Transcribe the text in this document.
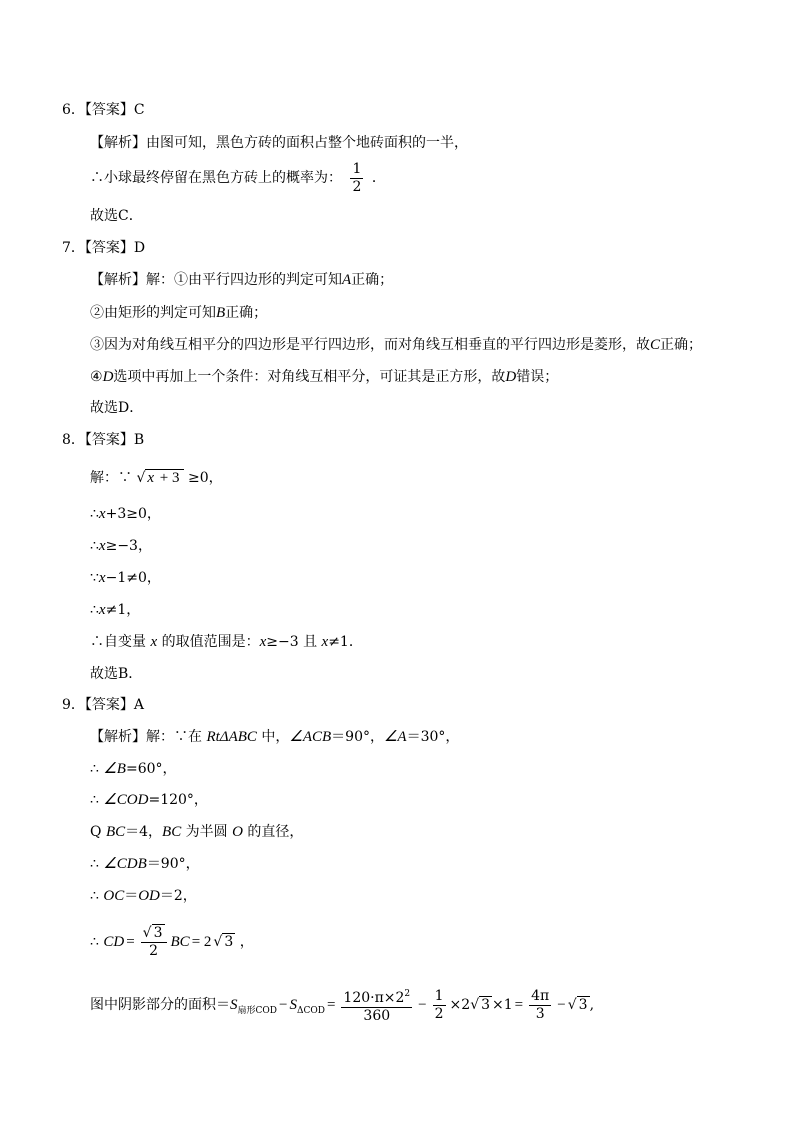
6．【答案】C
【解析】由图可知，黑色方砖的面积占整个地砖面积的一半，
∴小球最终停留在黑色方砖上的概率为： $\frac{1}{2}$ ．
故选C．
7．【答案】D
【解析】解：①由平行四边形的判定可知A正确；
②由矩形的判定可知B正确；
③因为对角线互相平分的四边形是平行四边形，而对角线互相垂直的平行四边形是菱形，故C正确；
④D选项中再加上一个条件：对角线互相平分，可证其是正方形，故D错误；
故选D．
8．【答案】B
解：∵ √ x + 3 ≥0，
∴x+3≥0，
∴x≥−3，
∵x−1≠0，
∴x≠1，
∴自变量 x 的取值范围是：x≥−3 且 x≠1．
故选B．
9．【答案】A
【解析】解：∵在 RtΔABC 中，∠ACB＝90°，∠A＝30°，
∴ ∠B=60°，
∴ ∠COD=120°，
Q BC＝4，BC 为半圆 O 的直径，
∴ ∠CDB＝90°，
∴ OC＝OD＝2，
∴ CD = $\frac{√ 3}{2}$ BC = 2 √ 3 ，
图中阴影部分的面积$=S_{扇形COD} - S_{\Delta COD} = \frac{120\cdot\pi\times 2^2}{360} - \frac{1}{2} \times 2√$ $3 \times 1 = \frac{4\pi}{3}$ − √ 3 ,
